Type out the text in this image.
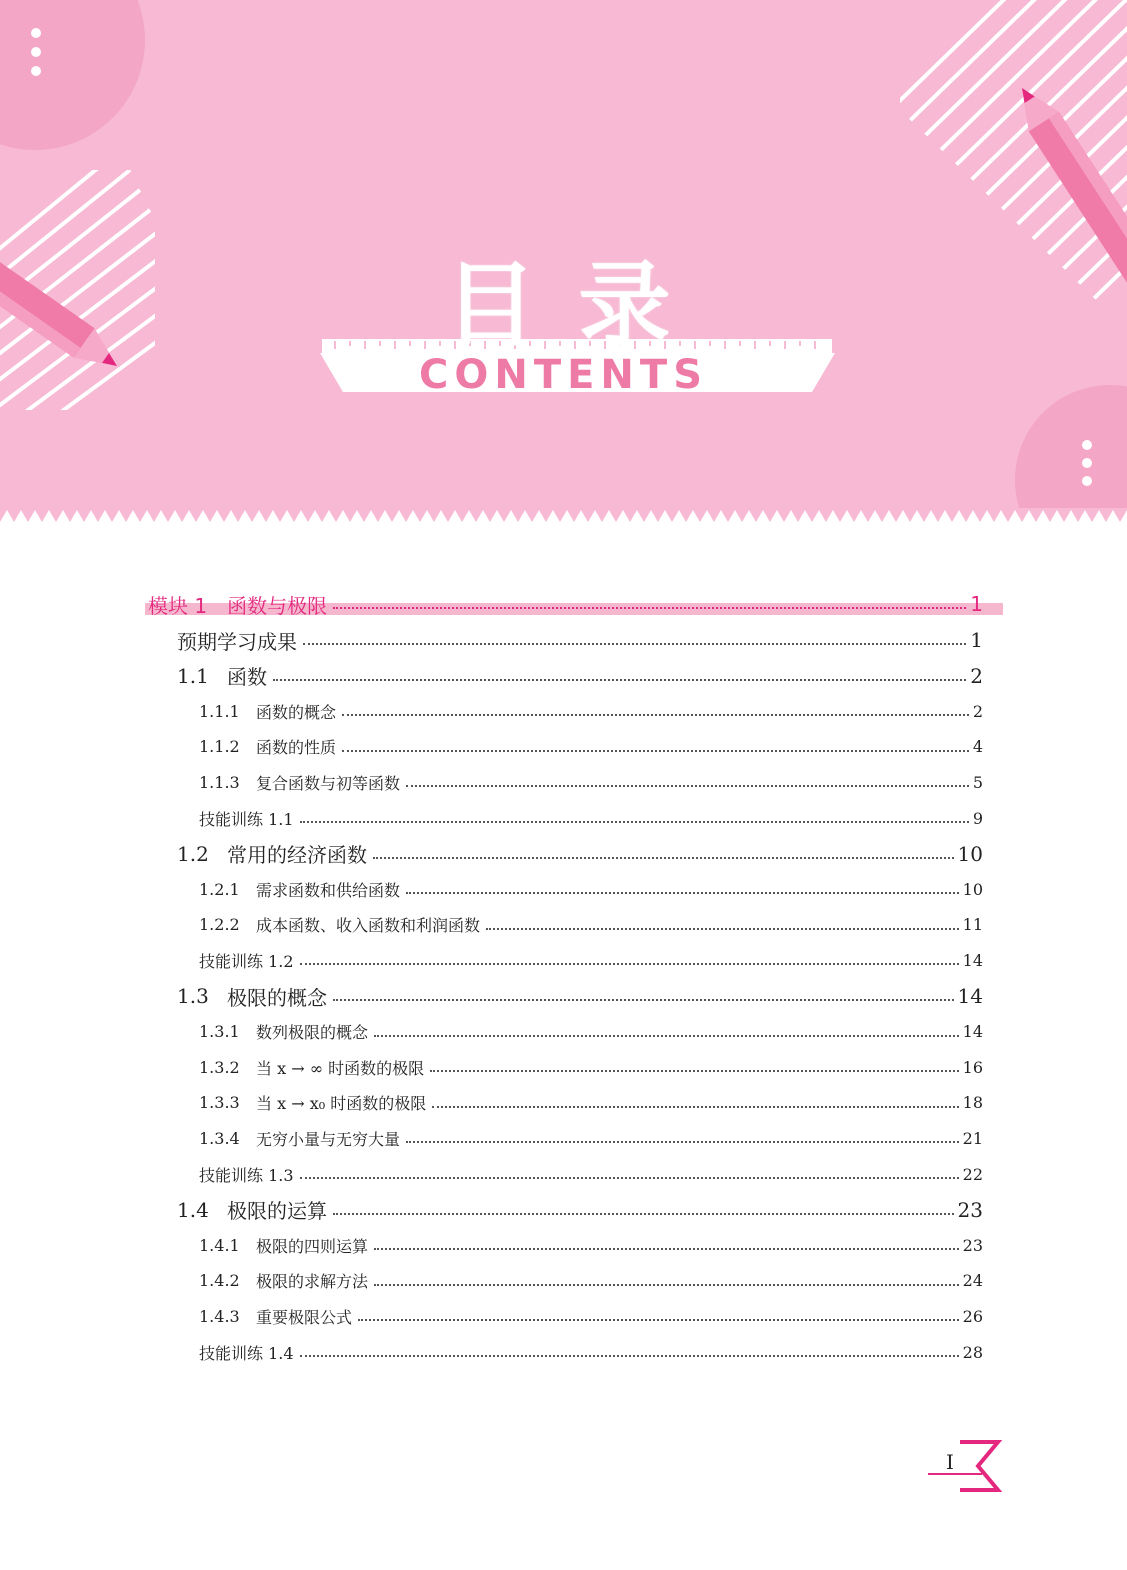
目录
CONTENTS
模块 1　函数与极限	1
预期学习成果	1
1.1 函数	2
1.1.1	函数的概念	2
1.1.2	函数的性质	4
1.1.3	复合函数与初等函数	5
技能训练 1.1	9
1.2 常用的经济函数	10
1.2.1	需求函数和供给函数	10
1.2.2	成本函数、收入函数和利润函数	11
技能训练 1.2	14
1.3 极限的概念	14
1.3.1	数列极限的概念	14
1.3.2	当 x → ∞ 时函数的极限	16
1.3.3	当 x → x₀ 时函数的极限	18
1.3.4	无穷小量与无穷大量	21
技能训练 1.3	22
1.4 极限的运算	23
1.4.1	极限的四则运算	23
1.4.2	极限的求解方法	24
1.4.3	重要极限公式	26
技能训练 1.4	28
I
